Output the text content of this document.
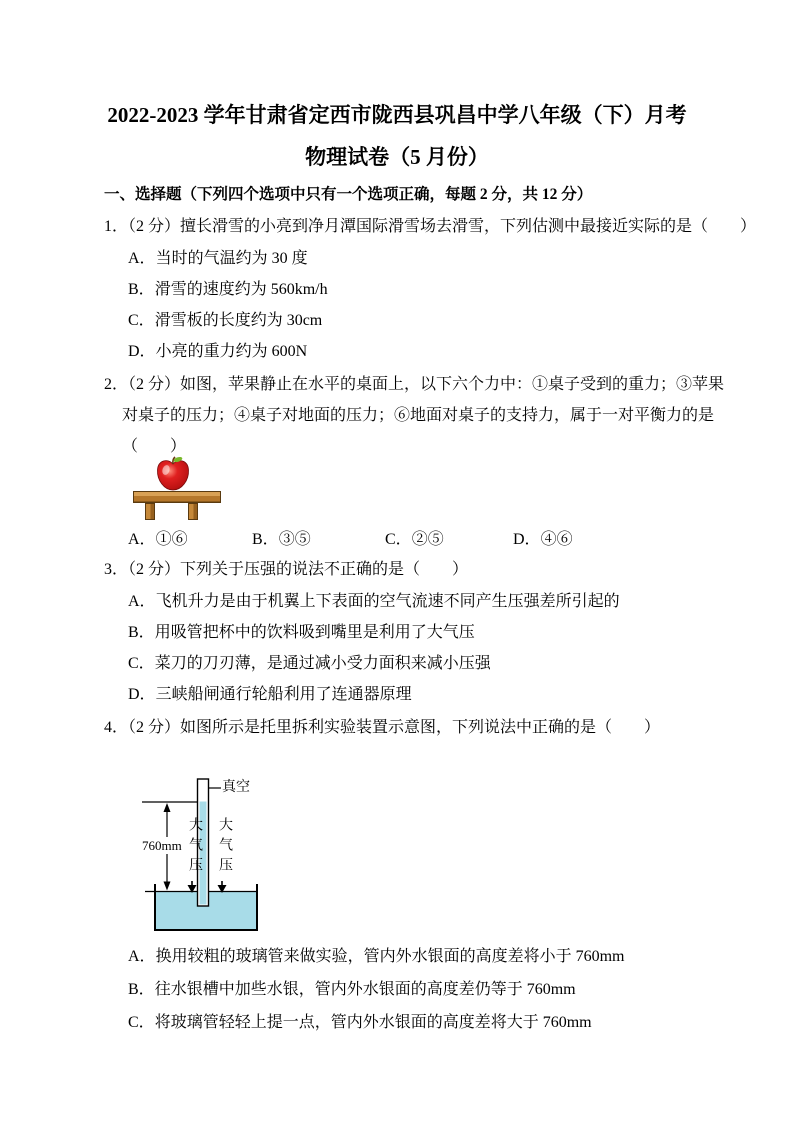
2022-2023 学年甘肃省定西市陇西县巩昌中学八年级（下）月考
物理试卷（5 月份）
一、选择题（下列四个选项中只有一个选项正确，每题 2 分，共 12 分）
1．（2 分）擅长滑雪的小亮到净月潭国际滑雪场去滑雪，下列估测中最接近实际的是（        ）
A．当时的气温约为 30 度
B．滑雪的速度约为 560km/h
C．滑雪板的长度约为 30cm
D．小亮的重力约为 600N
2．（2 分）如图，苹果静止在水平的桌面上，以下六个力中：①桌子受到的重力；③苹果
对桌子的压力；④桌子对地面的压力；⑥地面对桌子的支持力，属于一对平衡力的是
（        ）
A．①⑥	B．③⑤	C．②⑤	D．④⑥
3．（2 分）下列关于压强的说法不正确的是（        ）
A．飞机升力是由于机翼上下表面的空气流速不同产生压强差所引起的
B．用吸管把杯中的饮料吸到嘴里是利用了大气压
C．菜刀的刀刃薄，是通过减小受力面积来减小压强
D．三峡船闸通行轮船利用了连通器原理
4．（2 分）如图所示是托里拆利实验装置示意图，下列说法中正确的是（        ）
真空
760mm 大气压 大气压
A．换用较粗的玻璃管来做实验，管内外水银面的高度差将小于 760mm
B．往水银槽中加些水银，管内外水银面的高度差仍等于 760mm
C．将玻璃管轻轻上提一点，管内外水银面的高度差将大于 760mm
